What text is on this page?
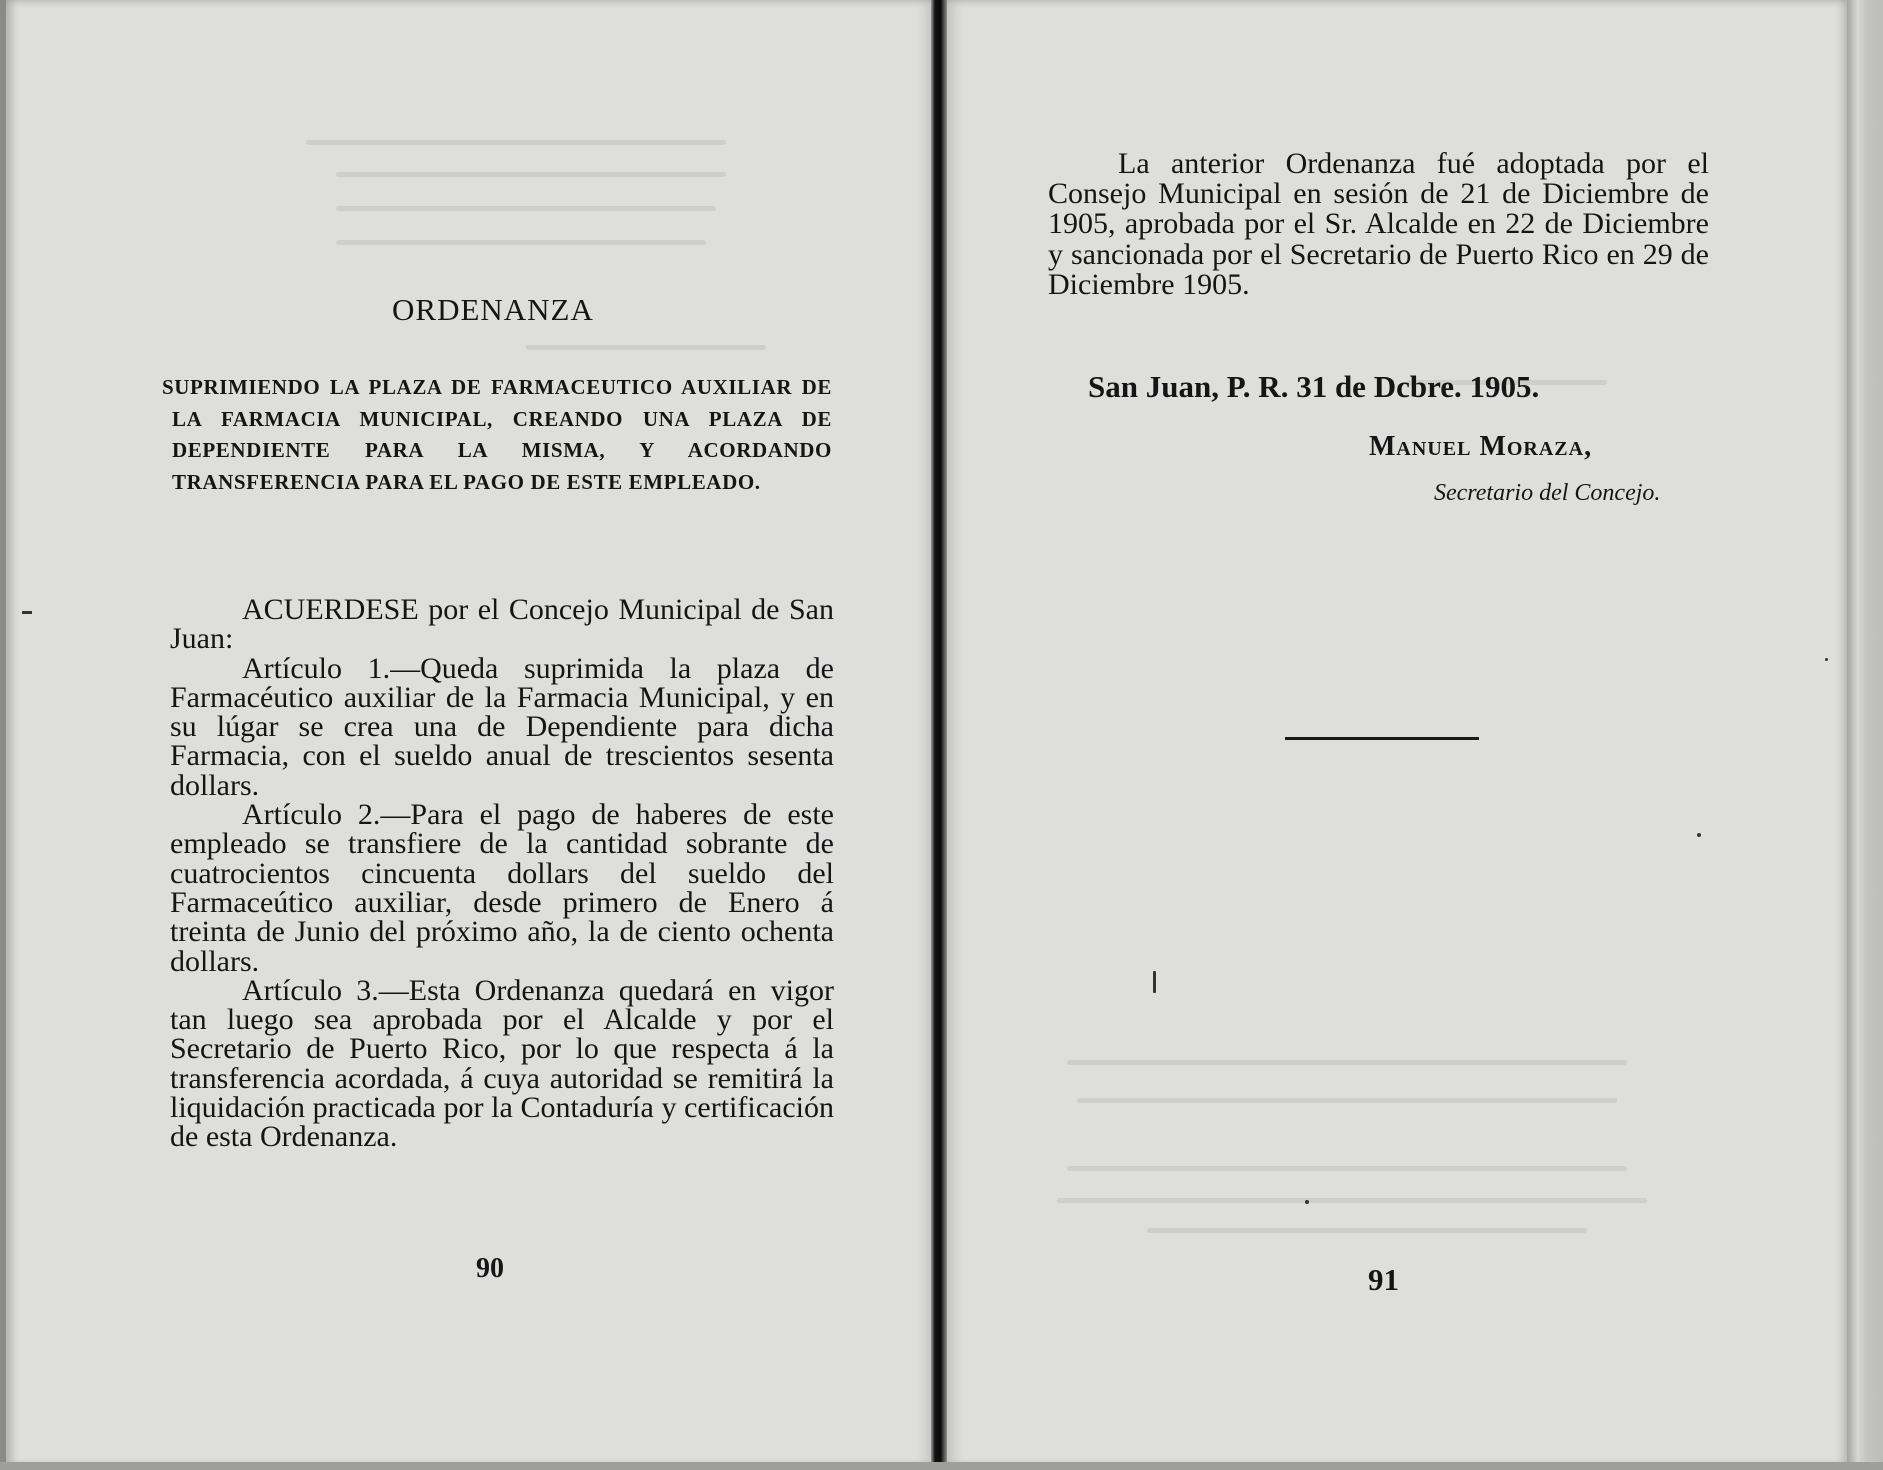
ORDENANZA
SUPRIMIENDO LA PLAZA DE FARMACEUTICO AUXILIAR DE LA FARMACIA MUNICIPAL, CREANDO UNA PLAZA DE DEPENDIENTE PARA LA MISMA, Y ACORDANDO TRANSFERENCIA PARA EL PAGO DE ESTE EMPLEADO.

ACUERDESE por el Concejo Municipal de San Juan:

Artículo 1.—Queda suprimida la plaza de Farmacéutico auxiliar de la Farmacia Municipal, y en su lúgar se crea una de Dependiente para dicha Farmacia, con el sueldo anual de trescientos sesenta dollars.

Artículo 2.—Para el pago de haberes de este empleado se transfiere de la cantidad sobrante de cuatrocientos cincuenta dollars del sueldo del Farmaceútico auxiliar, desde primero de Enero á treinta de Junio del próximo año, la de ciento ochenta dollars.

Artículo 3.—Esta Ordenanza quedará en vigor tan luego sea aprobada por el Alcalde y por el Secretario de Puerto Rico, por lo que respecta á la transferencia acordada, á cuya autoridad se remitirá la liquidación practicada por la Contaduría y certificación de esta Ordenanza.

90

La anterior Ordenanza fué adoptada por el Consejo Municipal en sesión de 21 de Diciembre de 1905, aprobada por el Sr. Alcalde en 22 de Diciembre y sancionada por el Secretario de Puerto Rico en 29 de Diciembre 1905.

San Juan, P. R. 31 de Dcbre. 1905.
Manuel Moraza,
Secretario del Concejo.
91
